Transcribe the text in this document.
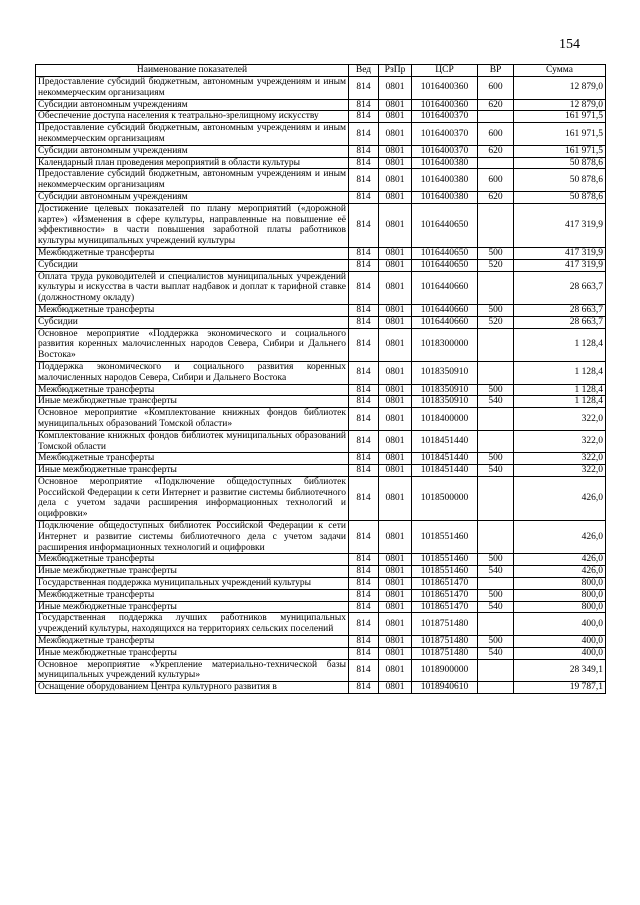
154
Наименование показателей	Вед	РзПр	ЦСР	ВР	Сумма
Предоставление субсидий бюджетным, автономным учреждениям и иным некоммерческим организациям	814	0801	1016400360	600	12 879,0
Субсидии автономным учреждениям	814	0801	1016400360	620	12 879,0
Обеспечение доступа населения к театрально-зрелищному искусству	814	0801	1016400370		161 971,5
Предоставление субсидий бюджетным, автономным учреждениям и иным некоммерческим организациям	814	0801	1016400370	600	161 971,5
Субсидии автономным учреждениям	814	0801	1016400370	620	161 971,5
Календарный план проведения мероприятий в области культуры	814	0801	1016400380		50 878,6
Предоставление субсидий бюджетным, автономным учреждениям и иным некоммерческим организациям	814	0801	1016400380	600	50 878,6
Субсидии автономным учреждениям	814	0801	1016400380	620	50 878,6
Достижение целевых показателей по плану мероприятий («дорожной карте») «Изменения в сфере культуры, направленные на повышение её эффективности» в части повышения заработной платы работников культуры муниципальных учреждений культуры	814	0801	1016440650		417 319,9
Межбюджетные трансферты	814	0801	1016440650	500	417 319,9
Субсидии	814	0801	1016440650	520	417 319,9
Оплата труда руководителей и специалистов муниципальных учреждений культуры и искусства в части выплат надбавок и доплат к тарифной ставке (должностному окладу)	814	0801	1016440660		28 663,7
Межбюджетные трансферты	814	0801	1016440660	500	28 663,7
Субсидии	814	0801	1016440660	520	28 663,7
Основное мероприятие «Поддержка экономического и социального развития коренных малочисленных народов Севера, Сибири и Дальнего Востока»	814	0801	1018300000		1 128,4
Поддержка экономического и социального развития коренных малочисленных народов Севера, Сибири и Дальнего Востока	814	0801	1018350910		1 128,4
Межбюджетные трансферты	814	0801	1018350910	500	1 128,4
Иные межбюджетные трансферты	814	0801	1018350910	540	1 128,4
Основное мероприятие «Комплектование книжных фондов библиотек муниципальных образований Томской области»	814	0801	1018400000		322,0
Комплектование книжных фондов библиотек муниципальных образований Томской области	814	0801	1018451440		322,0
Межбюджетные трансферты	814	0801	1018451440	500	322,0
Иные межбюджетные трансферты	814	0801	1018451440	540	322,0
Основное мероприятие «Подключение общедоступных библиотек Российской Федерации к сети Интернет и развитие системы библиотечного дела с учетом задачи расширения информационных технологий и оцифровки»	814	0801	1018500000		426,0
Подключение общедоступных библиотек Российской Федерации к сети Интернет и развитие системы библиотечного дела с учетом задачи расширения информационных технологий и оцифровки	814	0801	1018551460		426,0
Межбюджетные трансферты	814	0801	1018551460	500	426,0
Иные межбюджетные трансферты	814	0801	1018551460	540	426,0
Государственная поддержка муниципальных учреждений культуры	814	0801	1018651470		800,0
Межбюджетные трансферты	814	0801	1018651470	500	800,0
Иные межбюджетные трансферты	814	0801	1018651470	540	800,0
Государственная поддержка лучших работников муниципальных учреждений культуры, находящихся на территориях сельских поселений	814	0801	1018751480		400,0
Межбюджетные трансферты	814	0801	1018751480	500	400,0
Иные межбюджетные трансферты	814	0801	1018751480	540	400,0
Основное мероприятие «Укрепление материально-технической базы муниципальных учреждений культуры»	814	0801	1018900000		28 349,1
Оснащение оборудованием Центра культурного развития в	814	0801	1018940610		19 787,1
